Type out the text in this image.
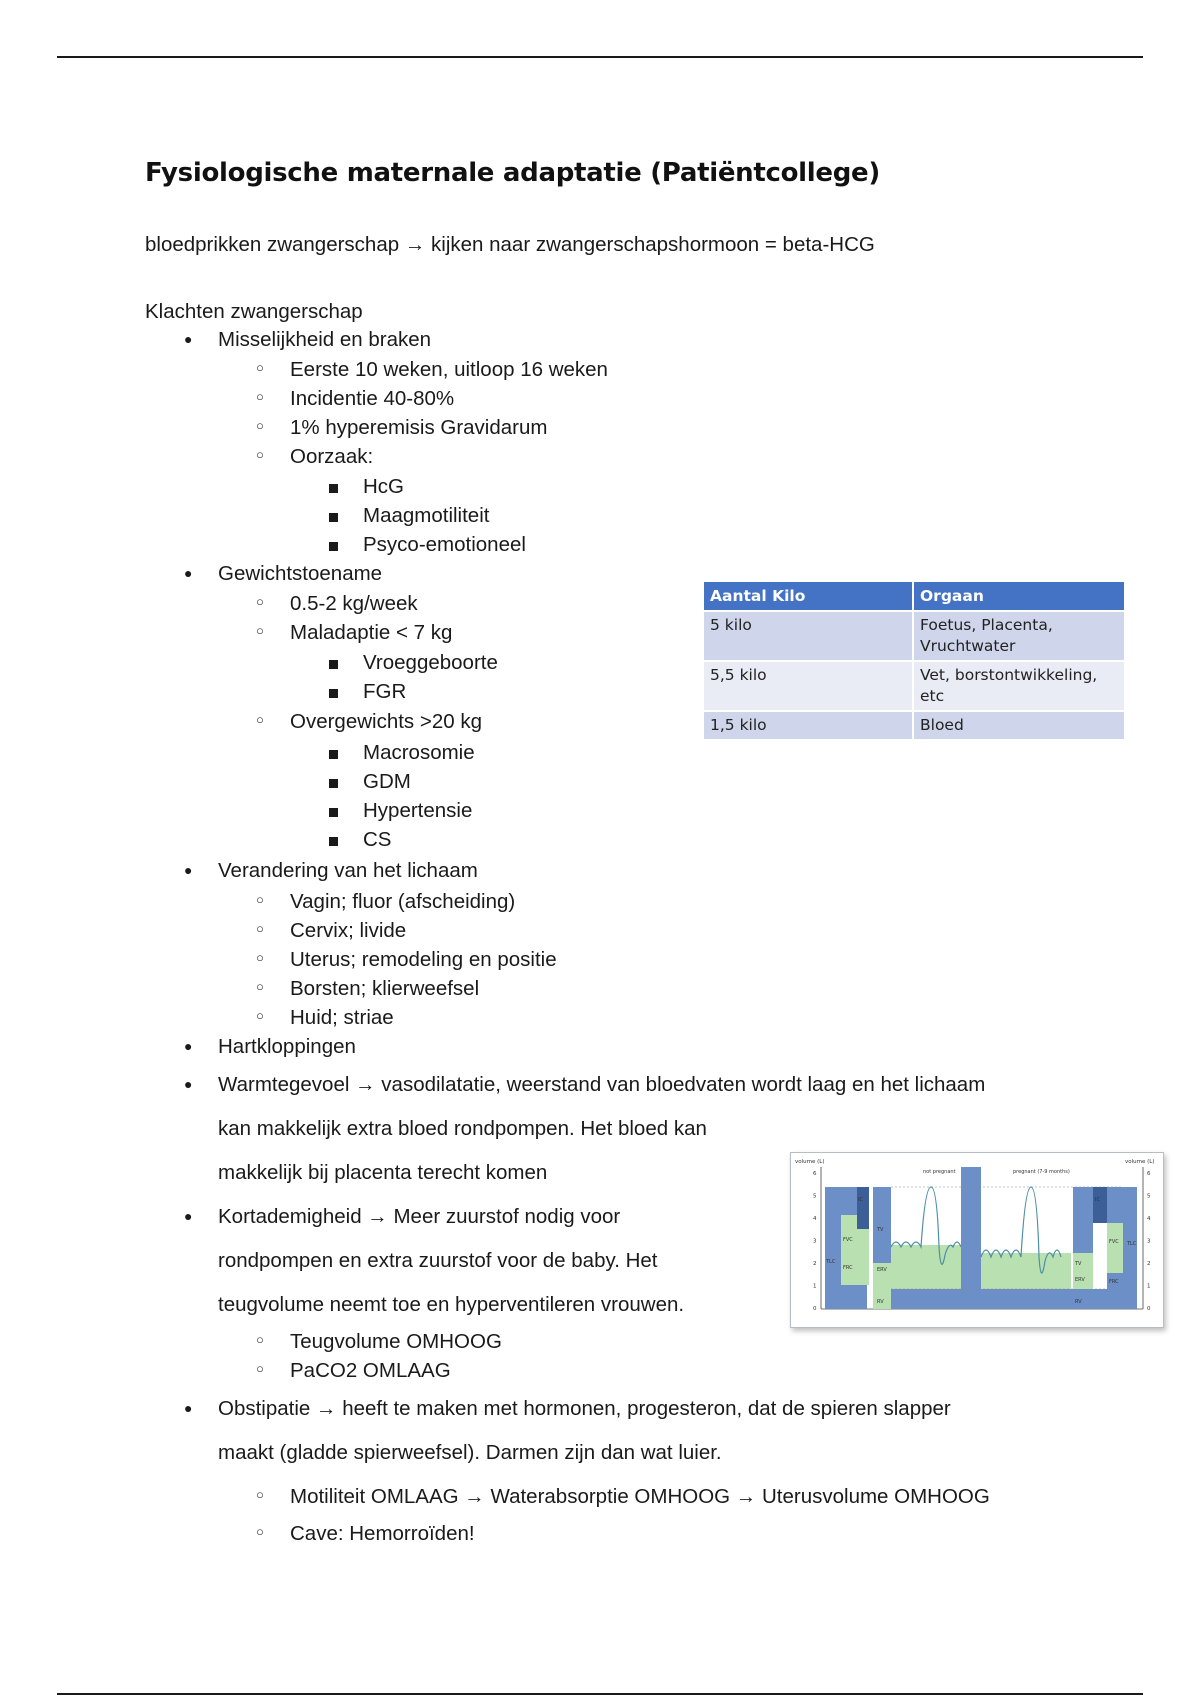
Fysiologische maternale adaptatie (Patiëntcollege)
bloedprikken zwangerschap → kijken naar zwangerschapshormoon = beta-HCG
Klachten zwangerschap
● Misselijkheid en braken
○ Eerste 10 weken, uitloop 16 weken
○ Incidentie 40-80%
○ 1% hyperemisis Gravidarum
○ Oorzaak:
HcG
Maagmotiliteit
Psyco-emotioneel
● Gewichtstoename
○ 0.5-2 kg/week
○ Maladaptie < 7 kg
Vroeggeboorte
FGR
○ Overgewichts >20 kg
Macrosomie
GDM
Hypertensie
CS
● Verandering van het lichaam
○ Vagin; fluor (afscheiding)
○ Cervix; livide
○ Uterus; remodeling en positie
○ Borsten; klierweefsel
○ Huid; striae
● Hartkloppingen
● Warmtegevoel → vasodilatatie, weerstand van bloedvaten wordt laag en het lichaam
kan makkelijk extra bloed rondpompen. Het bloed kan
makkelijk bij placenta terecht komen
● Kortademigheid → Meer zuurstof nodig voor
rondpompen en extra zuurstof voor de baby. Het
teugvolume neemt toe en hyperventileren vrouwen.
○ Teugvolume OMHOOG
○ PaCO2 OMLAAG
● Obstipatie → heeft te maken met hormonen, progesteron, dat de spieren slapper
maakt (gladde spierweefsel). Darmen zijn dan wat luier.
○ Motiliteit OMLAAG → Waterabsorptie OMHOOG → Uterusvolume OMHOOG
○ Cave: Hemorroïden!
Aantal Kilo	Orgaan
5 kilo	Foetus, Placenta, Vruchtwater
5,5 kilo	Vet, borstontwikkeling, etc
1,5 kilo	Bloed
volume (L)	volume (L)
not pregnant	pregnant (7-9 months)
6
5
4
3
2
1
0
6
5
4
3
2
1
0
TLC
FVC
FRC
IC
TV
ERV
RV
TLC
FVC
FRC
IC
TV
ERV
RV
